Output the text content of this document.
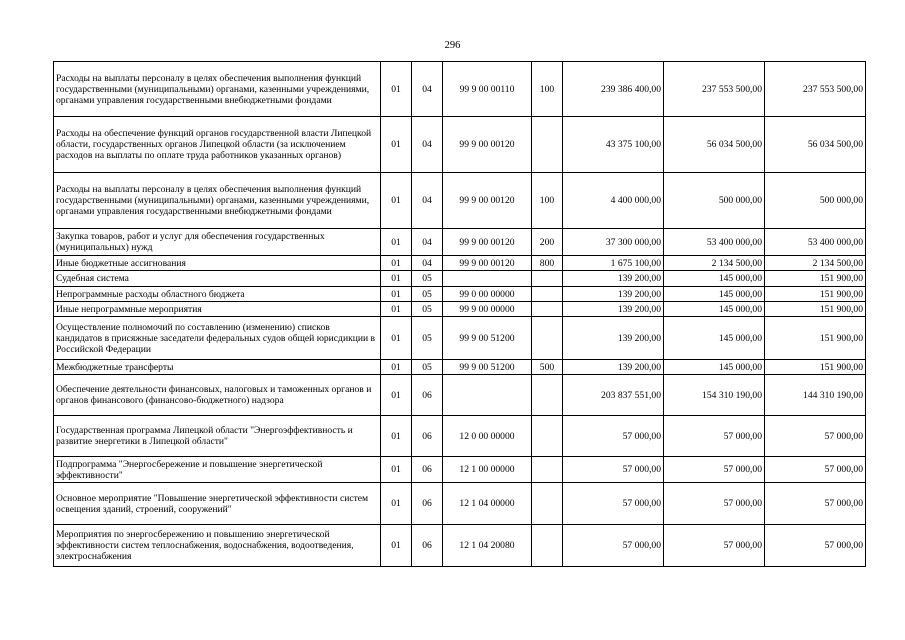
296
Расходы на выплаты персоналу в целях обеспечения выполнения функций государственными (муниципальными) органами, казенными учреждениями, органами управления государственными внебюджетными фондами	01	04	99 9 00 00110	100	239 386 400,00	237 553 500,00	237 553 500,00
Расходы на обеспечение функций органов государственной власти Липецкой области, государственных органов Липецкой области (за исключением расходов на выплаты по оплате труда работников указанных органов)	01	04	99 9 00 00120		43 375 100,00	56 034 500,00	56 034 500,00
Расходы на выплаты персоналу в целях обеспечения выполнения функций государственными (муниципальными) органами, казенными учреждениями, органами управления государственными внебюджетными фондами	01	04	99 9 00 00120	100	4 400 000,00	500 000,00	500 000,00
Закупка товаров, работ и услуг для обеспечения государственных (муниципальных) нужд	01	04	99 9 00 00120	200	37 300 000,00	53 400 000,00	53 400 000,00
Иные бюджетные ассигнования	01	04	99 9 00 00120	800	1 675 100,00	2 134 500,00	2 134 500,00
Судебная система	01	05			139 200,00	145 000,00	151 900,00
Непрограммные расходы областного бюджета	01	05	99 0 00 00000		139 200,00	145 000,00	151 900,00
Иные непрограммные мероприятия	01	05	99 9 00 00000		139 200,00	145 000,00	151 900,00
Осуществление полномочий по составлению (изменению) списков кандидатов в присяжные заседатели федеральных судов общей юрисдикции в Российской Федерации	01	05	99 9 00 51200		139 200,00	145 000,00	151 900,00
Межбюджетные трансферты	01	05	99 9 00 51200	500	139 200,00	145 000,00	151 900,00
Обеспечение деятельности финансовых, налоговых и таможенных органов и органов финансового (финансово-бюджетного) надзора	01	06			203 837 551,00	154 310 190,00	144 310 190,00
Государственная программа Липецкой области "Энергоэффективность и развитие энергетики в Липецкой области"	01	06	12 0 00 00000		57 000,00	57 000,00	57 000,00
Подпрограмма "Энергосбережение и повышение энергетической эффективности"	01	06	12 1 00 00000		57 000,00	57 000,00	57 000,00
Основное мероприятие "Повышение энергетической эффективности систем освещения зданий, строений, сооружений"	01	06	12 1 04 00000		57 000,00	57 000,00	57 000,00
Мероприятия по энергосбережению и повышению энергетической эффективности систем теплоснабжения, водоснабжения, водоотведения, электроснабжения	01	06	12 1 04 20080		57 000,00	57 000,00	57 000,00
